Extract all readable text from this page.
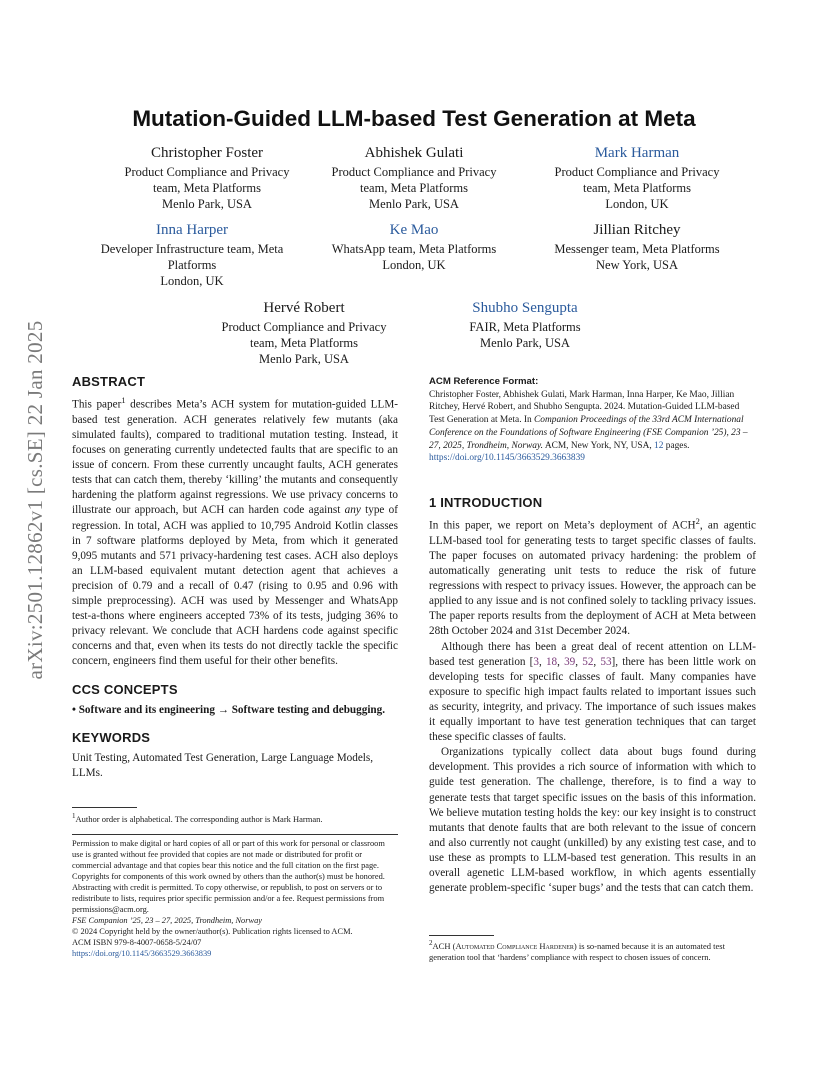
arXiv:2501.12862v1 [cs.SE] 22 Jan 2025
Mutation-Guided LLM-based Test Generation at Meta
Christopher Foster
Product Compliance and Privacy
team, Meta Platforms
Menlo Park, USA
Abhishek Gulati
Product Compliance and Privacy
team, Meta Platforms
Menlo Park, USA
Mark Harman
Product Compliance and Privacy
team, Meta Platforms
London, UK
Inna Harper
Developer Infrastructure team, Meta
Platforms
London, UK
Ke Mao
WhatsApp team, Meta Platforms
London, UK
Jillian Ritchey
Messenger team, Meta Platforms
New York, USA
Hervé Robert
Product Compliance and Privacy
team, Meta Platforms
Menlo Park, USA
Shubho Sengupta
FAIR, Meta Platforms
Menlo Park, USA
ABSTRACT

This paper$^1$ describes Meta’s ACH system for mutation-guided LLM-based test generation. ACH generates relatively few mutants (aka simulated faults), compared to traditional mutation testing. Instead, it focuses on generating currently undetected faults that are specific to an issue of concern. From these currently uncaught faults, ACH generates tests that can catch them, thereby ‘killing’ the mutants and consequently hardening the platform against regressions. We use privacy concerns to illustrate our approach, but ACH can harden code against any type of regression. In total, ACH was applied to 10,795 Android Kotlin classes in 7 software platforms deployed by Meta, from which it generated 9,095 mutants and 571 privacy-hardening test cases. ACH also deploys an LLM-based equivalent mutant detection agent that achieves a precision of 0.79 and a recall of 0.47 (rising to 0.95 and 0.96 with simple preprocessing). ACH was used by Messenger and WhatsApp test-a-thons where engineers accepted 73% of its tests, judging 36% to privacy relevant. We conclude that ACH hardens code against specific concerns and that, even when its tests do not directly tackle the specific concern, engineers find them useful for their other benefits.

CCS CONCEPTS

• Software and its engineering → Software testing and debugging.

KEYWORDS

Unit Testing, Automated Test Generation, Large Language Models, LLMs.

$^1$Author order is alphabetical. The corresponding author is Mark Harman.
Permission to make digital or hard copies of all or part of this work for personal or classroom use is granted without fee provided that copies are not made or distributed for profit or commercial advantage and that copies bear this notice and the full citation on the first page. Copyrights for components of this work owned by others than the author(s) must be honored. Abstracting with credit is permitted. To copy otherwise, or republish, to post on servers or to redistribute to lists, requires prior specific permission and/or a fee. Request permissions from permissions@acm.org.
FSE Companion ’25, 23 – 27, 2025, Trondheim, Norway
© 2024 Copyright held by the owner/author(s). Publication rights licensed to ACM.
ACM ISBN 979-8-4007-0658-5/24/07
https://doi.org/10.1145/3663529.3663839
ACM Reference Format:
Christopher Foster, Abhishek Gulati, Mark Harman, Inna Harper, Ke Mao, Jillian Ritchey, Hervé Robert, and Shubho Sengupta. 2024. Mutation-Guided LLM-based Test Generation at Meta. In Companion Proceedings of the 33rd ACM International Conference on the Foundations of Software Engineering (FSE Companion ’25), 23 – 27, 2025, Trondheim, Norway. ACM, New York, NY, USA, 12 pages. https://doi.org/10.1145/3663529.3663839
1 INTRODUCTION

In this paper, we report on Meta’s deployment of ACH$^2$, an agentic LLM-based tool for generating tests to target specific classes of faults. The paper focuses on automated privacy hardening: the problem of automatically generating unit tests to reduce the risk of future regressions with respect to privacy issues. However, the approach can be applied to any issue and is not confined solely to tackling privacy issues. The paper reports results from the deployment of ACH at Meta between 28th October 2024 and 31st December 2024.

Although there has been a great deal of recent attention on LLM-based test generation [3, 18, 39, 52, 53], there has been little work on developing tests for specific classes of fault. Many companies have exposure to specific high impact faults related to important issues such as security, integrity, and privacy. The importance of such issues makes it equally important to have test generation techniques that can target these specific classes of faults.

Organizations typically collect data about bugs found during development. This provides a rich source of information with which to guide test generation. The challenge, therefore, is to find a way to generate tests that target specific issues on the basis of this information. We believe mutation testing holds the key: our key insight is to construct mutants that denote faults that are both relevant to the issue of concern and also currently not caught (unkilled) by any existing test case, and to use these as prompts to LLM-based test generation. This results in an overall agenetic LLM-based workflow, in which agents essentially generate problem-specific ‘super bugs’ and the tests that can catch them.

$^2$ACH (Automated Compliance Hardener) is so-named because it is an automated test generation tool that ‘hardens’ compliance with respect to chosen issues of concern.
